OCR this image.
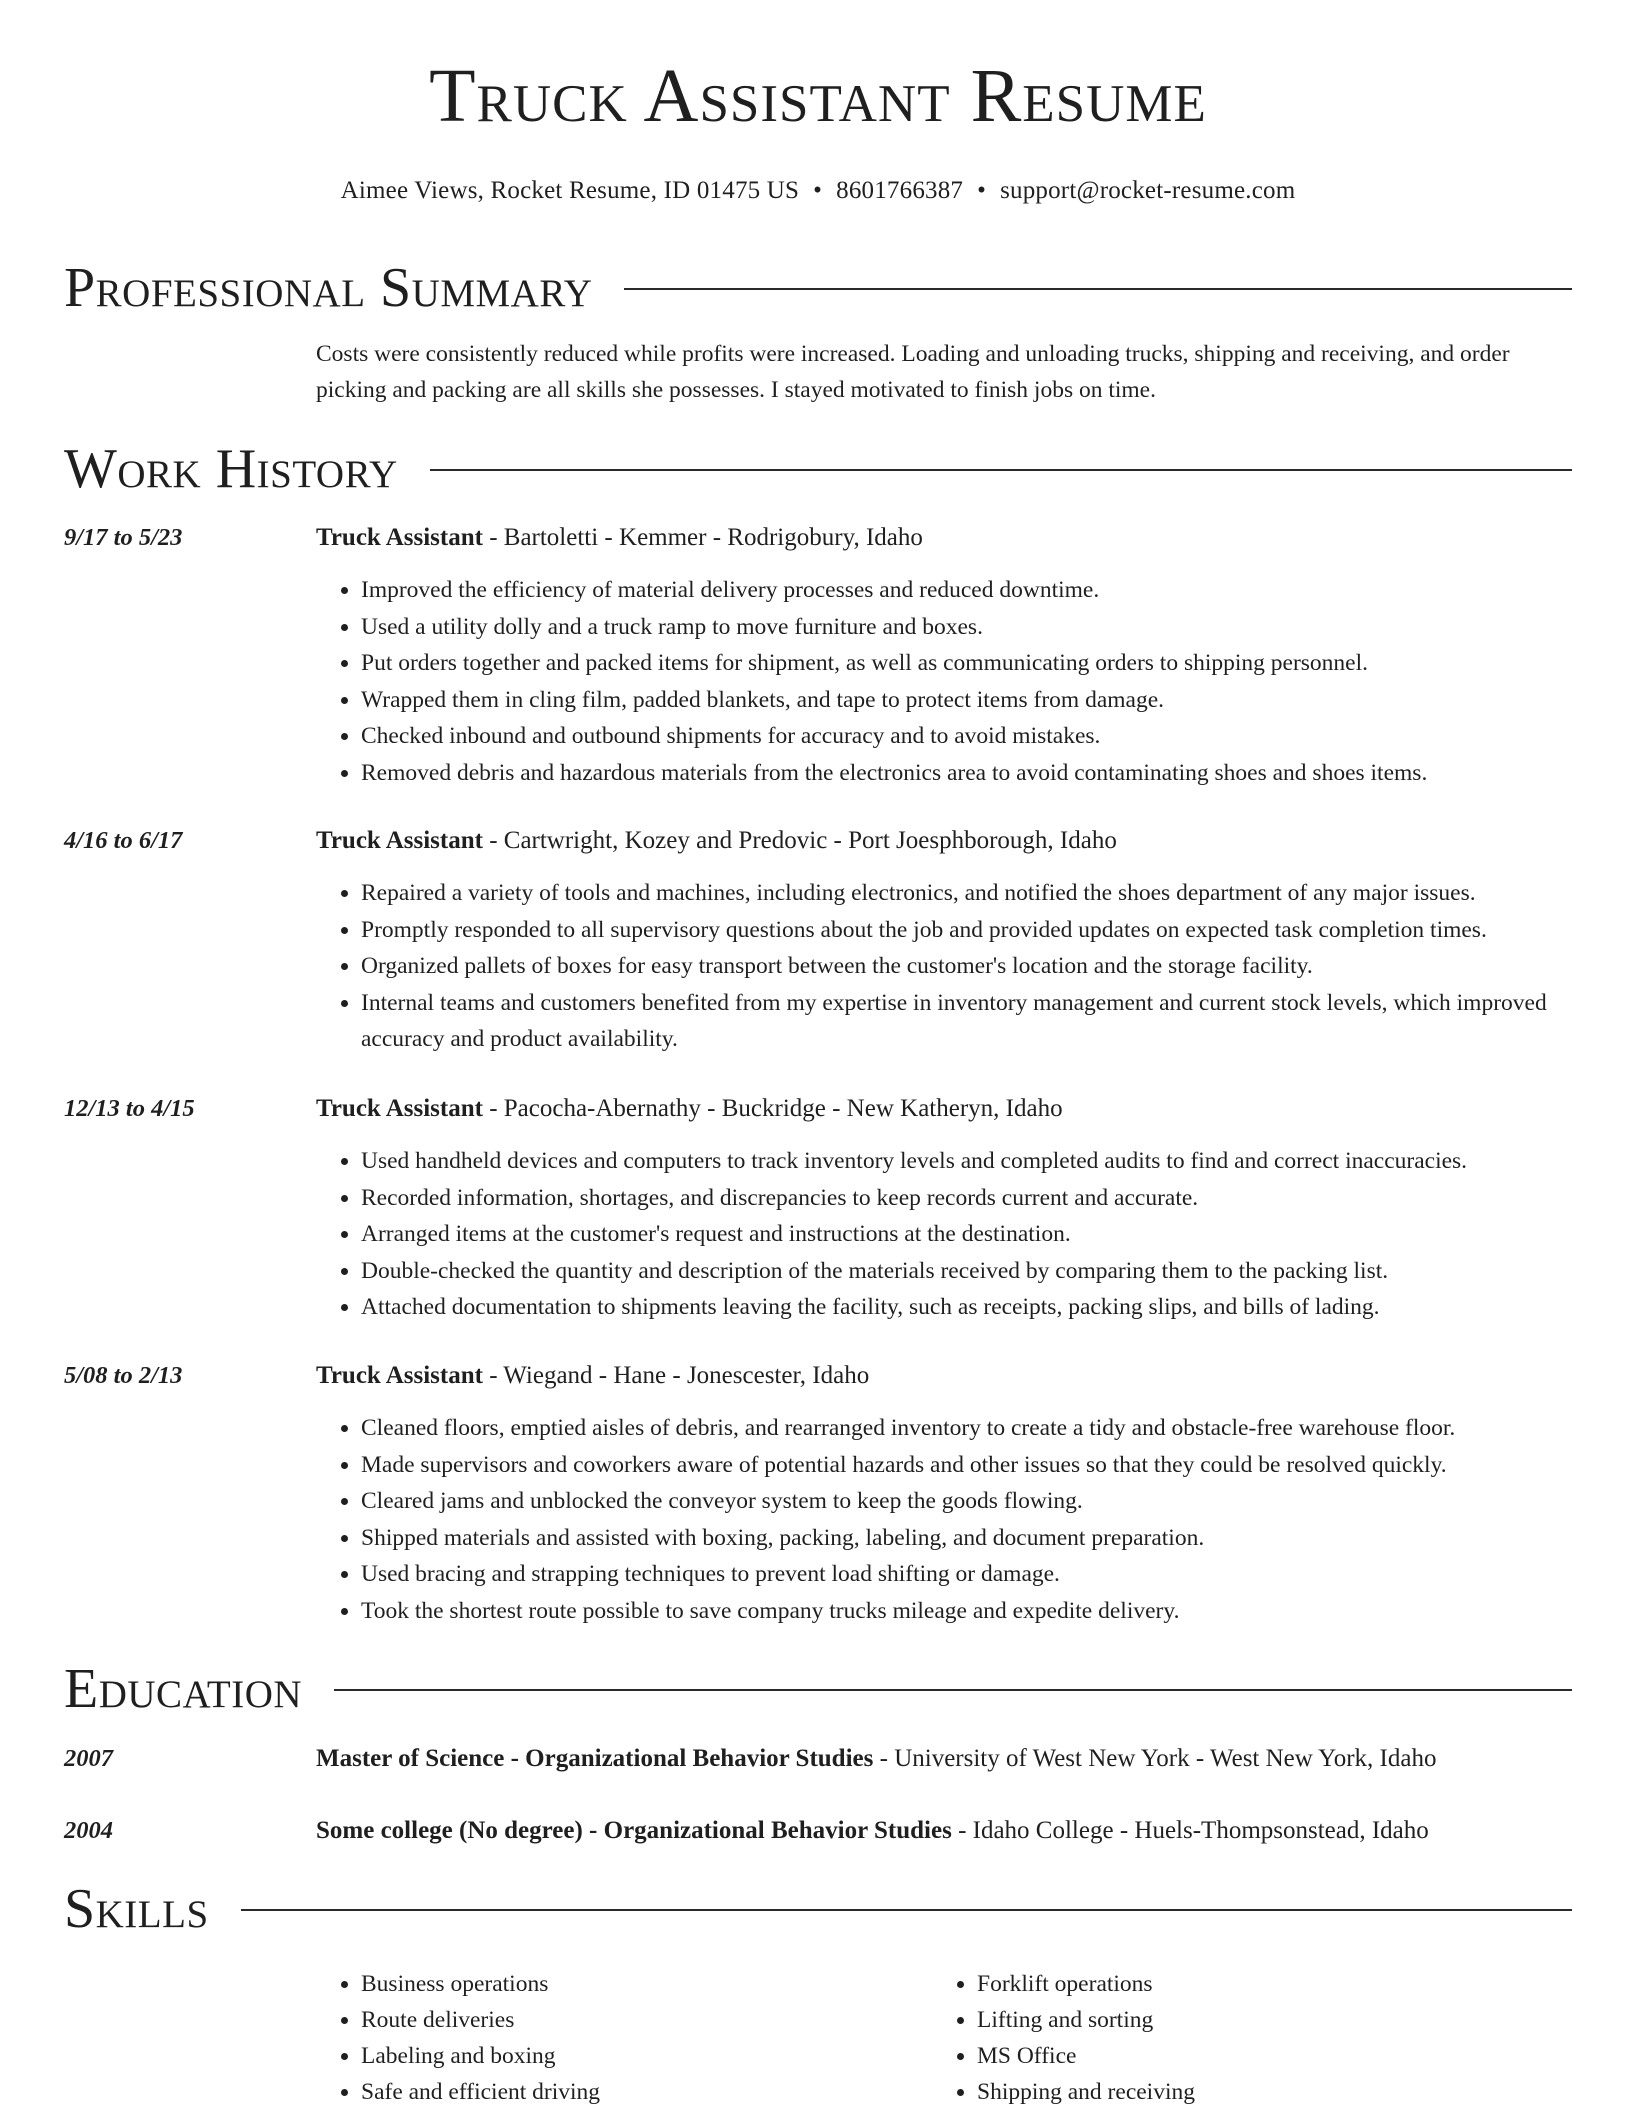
Truck Assistant Resume
Aimee Views, Rocket Resume, ID 01475 US • 8601766387 • support@rocket-resume.com
Professional Summary

Costs were consistently reduced while profits were increased. Loading and unloading trucks, shipping and receiving, and order picking and packing are all skills she possesses. I stayed motivated to finish jobs on time.

Work History
9/17 to 5/23	Truck Assistant - Bartoletti - Kemmer - Rodrigobury, Idaho
• Improved the efficiency of material delivery processes and reduced downtime.
• Used a utility dolly and a truck ramp to move furniture and boxes.
• Put orders together and packed items for shipment, as well as communicating orders to shipping personnel.
• Wrapped them in cling film, padded blankets, and tape to protect items from damage.
• Checked inbound and outbound shipments for accuracy and to avoid mistakes.
• Removed debris and hazardous materials from the electronics area to avoid contaminating shoes and shoes items.
4/16 to 6/17	Truck Assistant - Cartwright, Kozey and Predovic - Port Joesphborough, Idaho
• Repaired a variety of tools and machines, including electronics, and notified the shoes department of any major issues.
• Promptly responded to all supervisory questions about the job and provided updates on expected task completion times.
• Organized pallets of boxes for easy transport between the customer's location and the storage facility.
• Internal teams and customers benefited from my expertise in inventory management and current stock levels, which improved accuracy and product availability.
12/13 to 4/15	Truck Assistant - Pacocha-Abernathy - Buckridge - New Katheryn, Idaho
• Used handheld devices and computers to track inventory levels and completed audits to find and correct inaccuracies.
• Recorded information, shortages, and discrepancies to keep records current and accurate.
• Arranged items at the customer's request and instructions at the destination.
• Double-checked the quantity and description of the materials received by comparing them to the packing list.
• Attached documentation to shipments leaving the facility, such as receipts, packing slips, and bills of lading.
5/08 to 2/13	Truck Assistant - Wiegand - Hane - Jonescester, Idaho
• Cleaned floors, emptied aisles of debris, and rearranged inventory to create a tidy and obstacle-free warehouse floor.
• Made supervisors and coworkers aware of potential hazards and other issues so that they could be resolved quickly.
• Cleared jams and unblocked the conveyor system to keep the goods flowing.
• Shipped materials and assisted with boxing, packing, labeling, and document preparation.
• Used bracing and strapping techniques to prevent load shifting or damage.
• Took the shortest route possible to save company trucks mileage and expedite delivery.
Education
2007	Master of Science - Organizational Behavior Studies - University of West New York - West New York, Idaho
2004	Some college (No degree) - Organizational Behavior Studies - Idaho College - Huels-Thompsonstead, Idaho
Skills
• Business operations
• Route deliveries
• Labeling and boxing
• Safe and efficient driving
• Forklift operations
• Lifting and sorting
• MS Office
• Shipping and receiving
